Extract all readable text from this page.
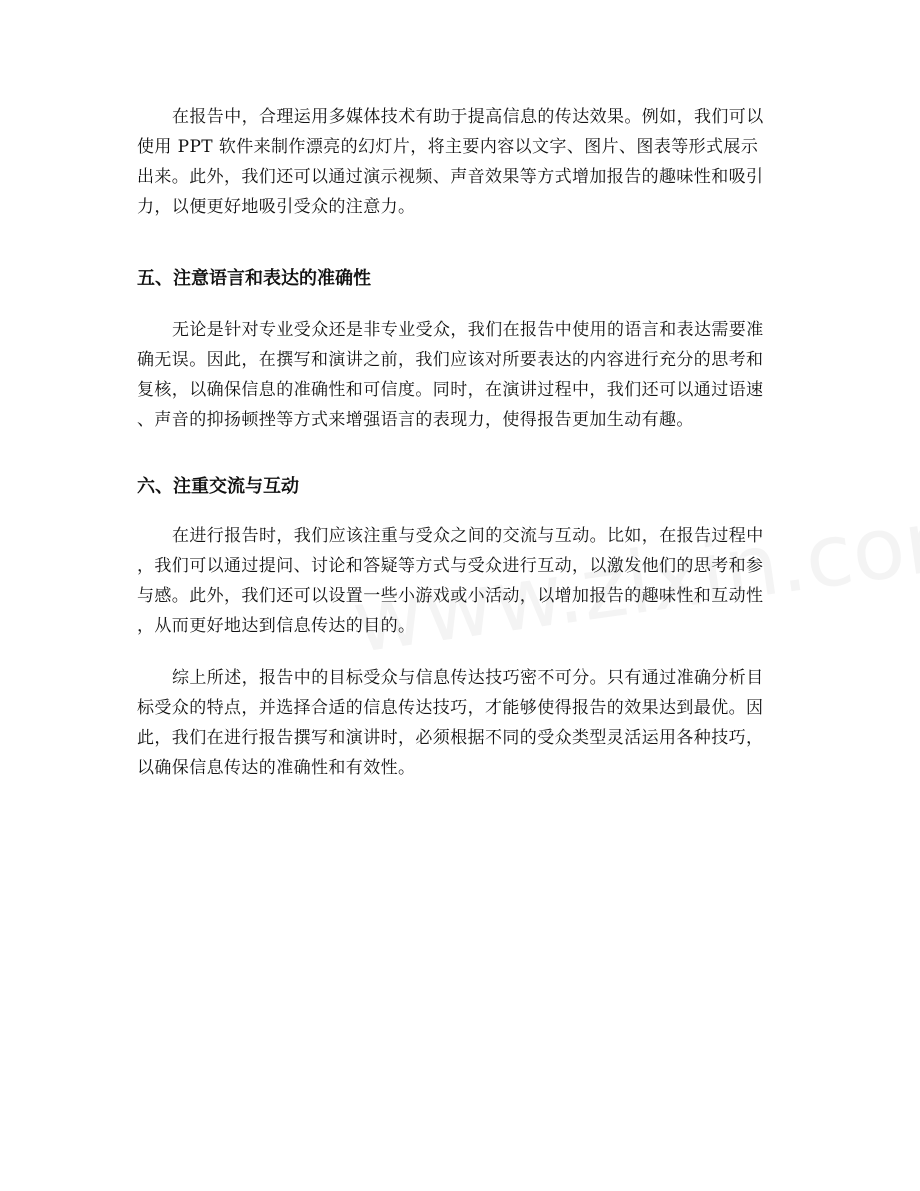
在报告中，合理运用多媒体技术有助于提高信息的传达效果。例如，我们可以
使用 PPT 软件来制作漂亮的幻灯片，将主要内容以文字、图片、图表等形式展示
出来。此外，我们还可以通过演示视频、声音效果等方式增加报告的趣味性和吸引
力，以便更好地吸引受众的注意力。
五、注意语言和表达的准确性
无论是针对专业受众还是非专业受众，我们在报告中使用的语言和表达需要准
确无误。因此，在撰写和演讲之前，我们应该对所要表达的内容进行充分的思考和
复核，以确保信息的准确性和可信度。同时，在演讲过程中，我们还可以通过语速
、声音的抑扬顿挫等方式来增强语言的表现力，使得报告更加生动有趣。
六、注重交流与互动
在进行报告时，我们应该注重与受众之间的交流与互动。比如，在报告过程中
，我们可以通过提问、讨论和答疑等方式与受众进行互动，以激发他们的思考和参
与感。此外，我们还可以设置一些小游戏或小活动，以增加报告的趣味性和互动性
，从而更好地达到信息传达的目的。
综上所述，报告中的目标受众与信息传达技巧密不可分。只有通过准确分析目
标受众的特点，并选择合适的信息传达技巧，才能够使得报告的效果达到最优。因
此，我们在进行报告撰写和演讲时，必须根据不同的受众类型灵活运用各种技巧，
以确保信息传达的准确性和有效性。
